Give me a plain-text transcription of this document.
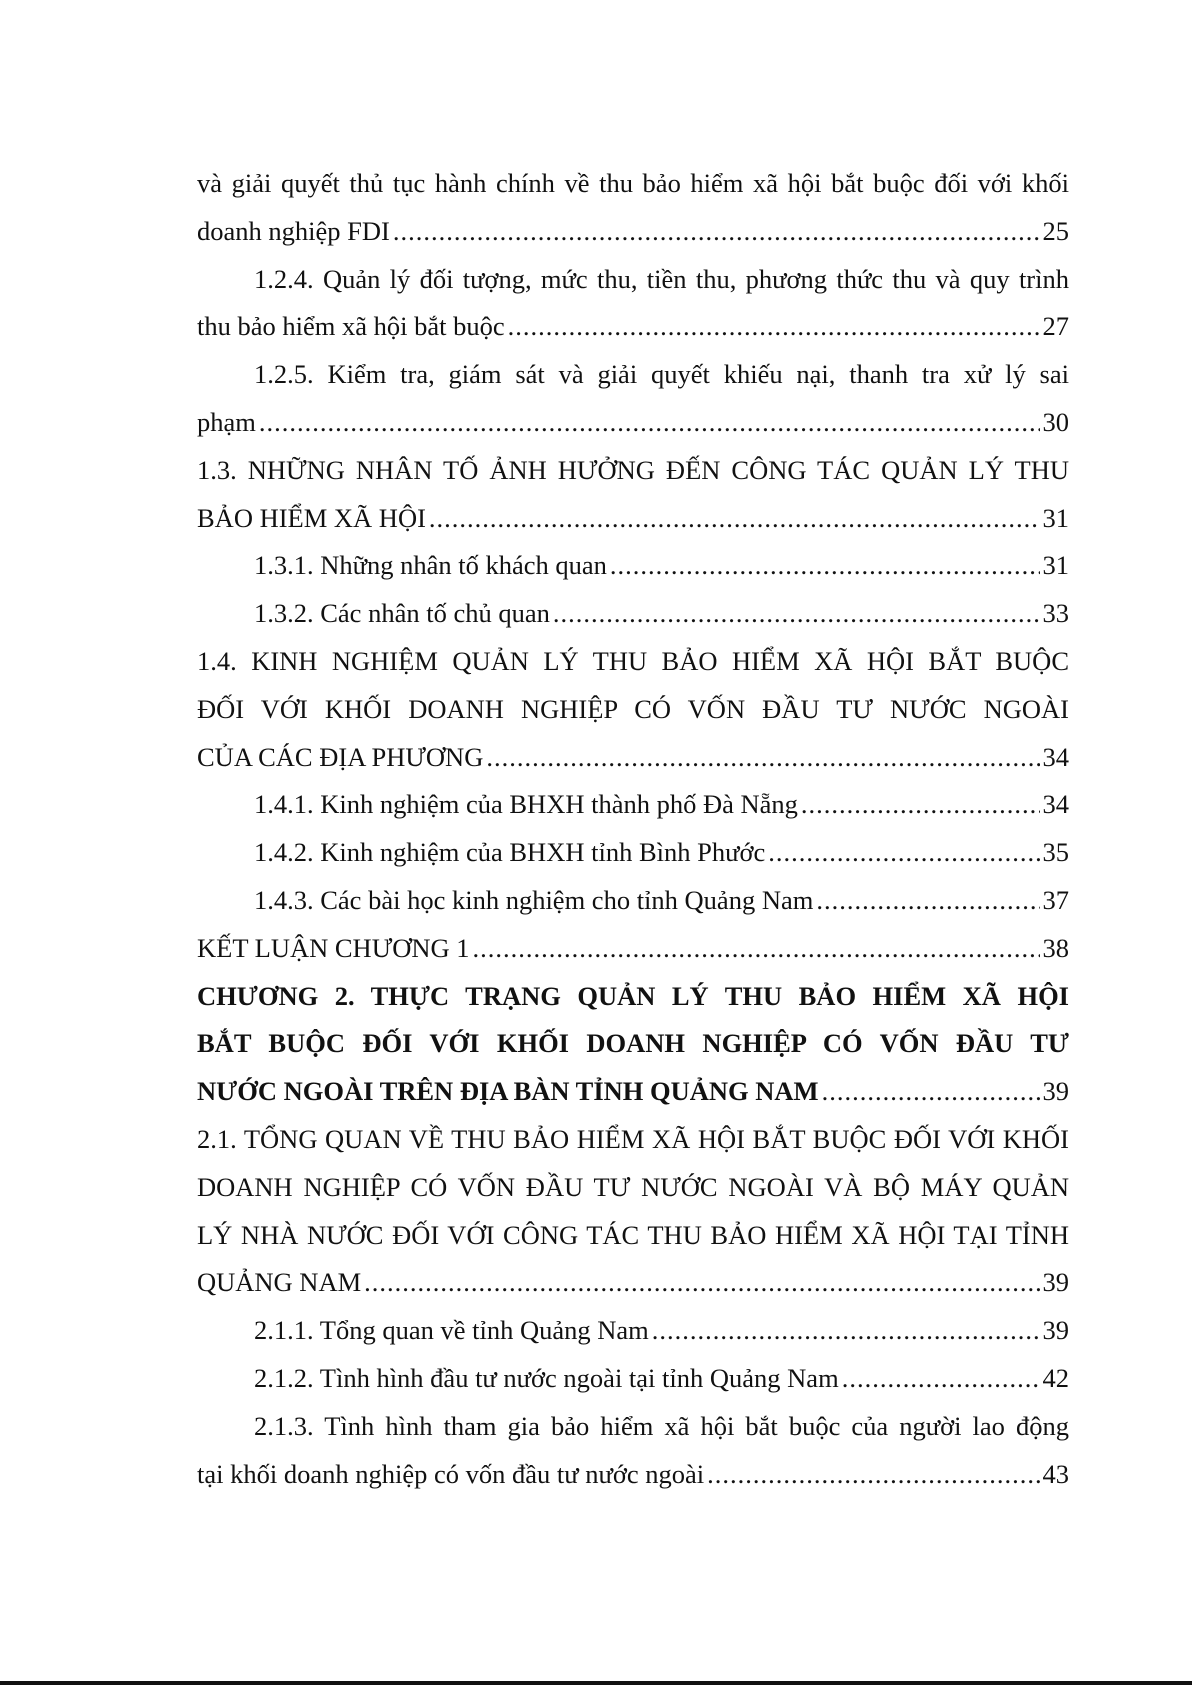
và giải quyết thủ tục hành chính về thu bảo hiểm xã hội bắt buộc đối với khối
doanh nghiệp FDI .....	25
1.2.4. Quản lý đối tượng, mức thu, tiền thu, phương thức thu và quy trình
thu bảo hiểm xã hội bắt buộc .....	27
1.2.5. Kiểm tra, giám sát và giải quyết khiếu nại, thanh tra xử lý sai
phạm .....	30
1.3. NHỮNG NHÂN TỐ ẢNH HƯỞNG ĐẾN CÔNG TÁC QUẢN LÝ THU
BẢO HIỂM XÃ HỘI .....	31
1.3.1. Những nhân tố khách quan .....	31
1.3.2. Các nhân tố chủ quan .....	33
1.4. KINH NGHIỆM QUẢN LÝ THU BẢO HIỂM XÃ HỘI BẮT BUỘC
ĐỐI VỚI KHỐI DOANH NGHIỆP CÓ VỐN ĐẦU TƯ NƯỚC NGOÀI
CỦA CÁC ĐỊA PHƯƠNG .....	34
1.4.1. Kinh nghiệm của BHXH thành phố Đà Nẵng .....	34
1.4.2. Kinh nghiệm của BHXH tỉnh Bình Phước .....	35
1.4.3. Các bài học kinh nghiệm cho tỉnh Quảng Nam .....	37
KẾT LUẬN CHƯƠNG 1 .....	38
CHƯƠNG 2. THỰC TRẠNG QUẢN LÝ THU BẢO HIỂM XÃ HỘI
BẮT BUỘC ĐỐI VỚI KHỐI DOANH NGHIỆP CÓ VỐN ĐẦU TƯ
NƯỚC NGOÀI TRÊN ĐỊA BÀN TỈNH QUẢNG NAM .....	39
2.1. TỔNG QUAN VỀ THU BẢO HIỂM XÃ HỘI BẮT BUỘC ĐỐI VỚI KHỐI
DOANH NGHIỆP CÓ VỐN ĐẦU TƯ NƯỚC NGOÀI VÀ BỘ MÁY QUẢN
LÝ NHÀ NƯỚC ĐỐI VỚI CÔNG TÁC THU BẢO HIỂM XÃ HỘI TẠI TỈNH
QUẢNG NAM .....	39
2.1.1. Tổng quan về tỉnh Quảng Nam .....	39
2.1.2. Tình hình đầu tư nước ngoài tại tỉnh Quảng Nam .....	42
2.1.3. Tình hình tham gia bảo hiểm xã hội bắt buộc của người lao động
tại khối doanh nghiệp có vốn đầu tư nước ngoài .....	43
